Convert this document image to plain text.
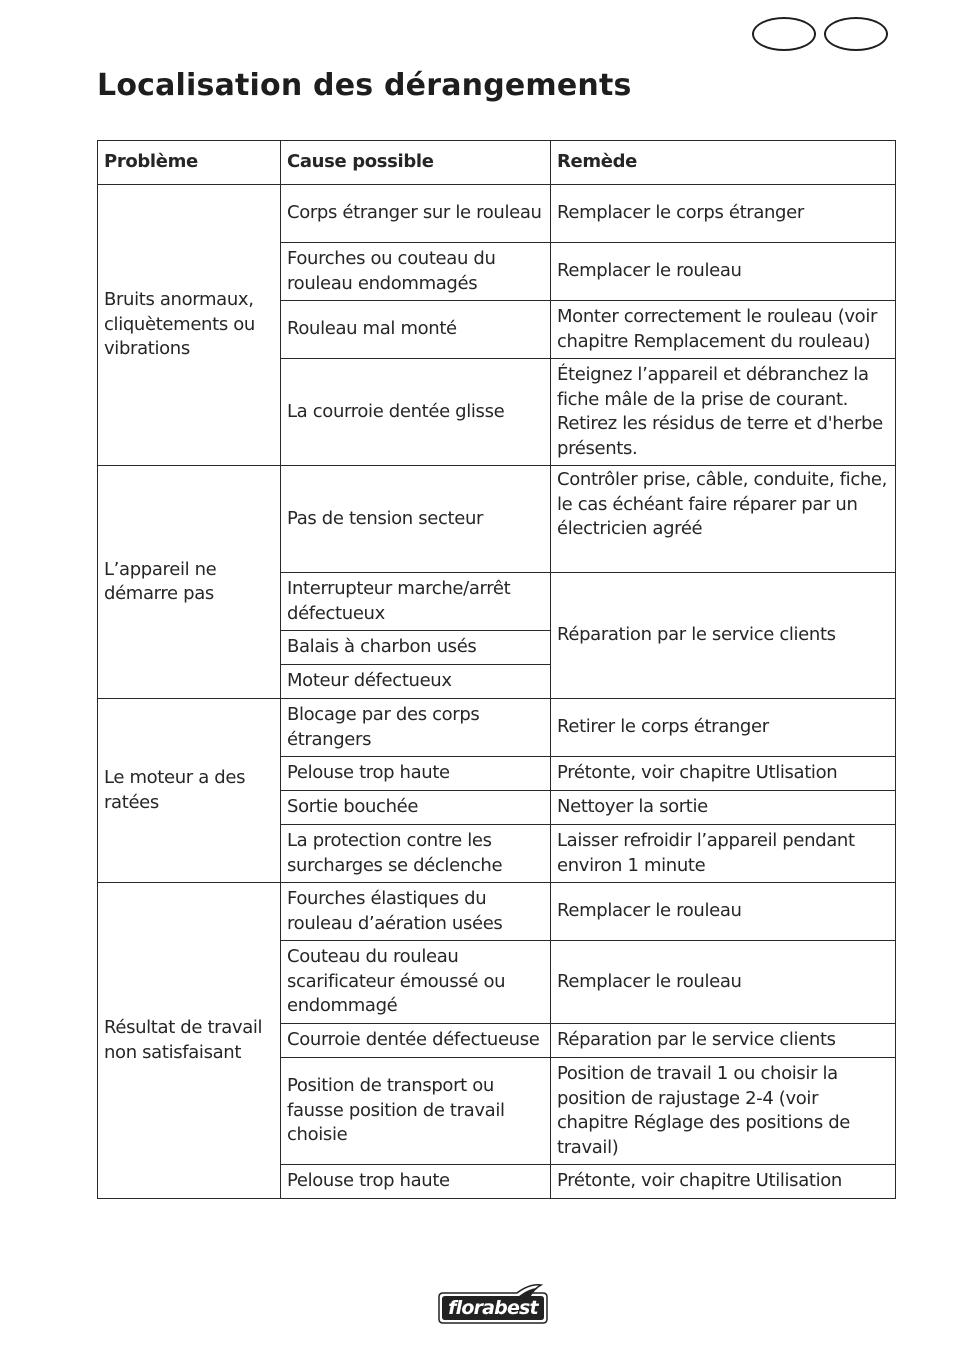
Localisation des dérangements
Problème	Cause possible	Remède
Bruits anormaux, cliquètements ou vibrations	Corps étranger sur le rouleau	Remplacer le corps étranger
	Fourches ou couteau du rouleau endommagés	Remplacer le rouleau
	Rouleau mal monté	Monter correctement le rouleau (voir chapitre Remplacement du rouleau)
	La courroie dentée glisse	Éteignez l’appareil et débranchez la fiche mâle de la prise de courant. Retirez les résidus de terre et d'herbe présents.
L’appareil ne démarre pas	Pas de tension secteur	Contrôler prise, câble, conduite, fiche, le cas échéant faire réparer par un électricien agréé
	Interrupteur marche/arrêt défectueux	Réparation par le service clients
	Balais à charbon usés	
	Moteur défectueux	
Le moteur a des ratées	Blocage par des corps étrangers	Retirer le corps étranger
	Pelouse trop haute	Prétonte, voir chapitre Utlisation
	Sortie bouchée	Nettoyer la sortie
	La protection contre les surcharges se déclenche	Laisser refroidir l’appareil pendant environ 1 minute
Résultat de travail non satisfaisant	Fourches élastiques du rouleau d’aération usées	Remplacer le rouleau
	Couteau du rouleau scarificateur émoussé ou endommagé	Remplacer le rouleau
	Courroie dentée défectueuse	Réparation par le service clients
	Position de transport ou fausse position de travail choisie	Position de travail 1 ou choisir la position de rajustage 2-4 (voir chapitre Réglage des positions de travail)
	Pelouse trop haute	Prétonte, voir chapitre Utilisation
florabest
